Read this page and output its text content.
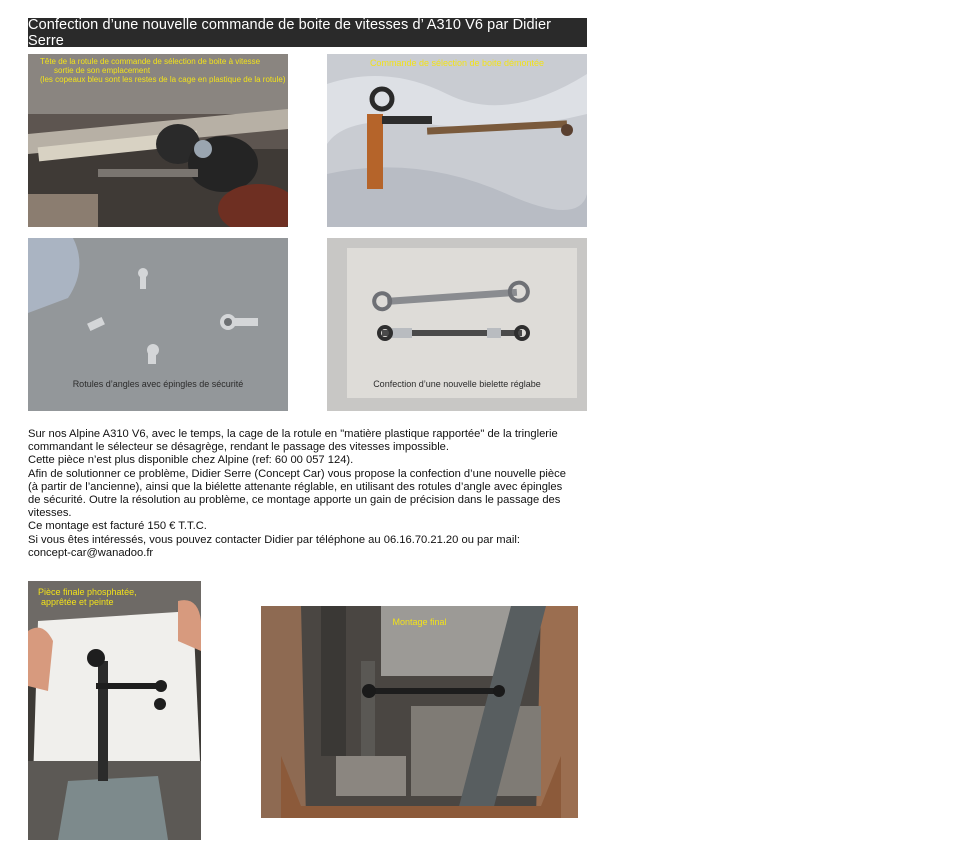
Confection d’une nouvelle commande de boite de vitesses d’ A310 V6 par Didier Serre
Tête de la rotule de commande de sélection de boite à vitesse
sortie de son emplacement
(les copeaux bleu sont les restes de la cage en plastique de la rotule)
Commande de sélection de boite démontée
Rotules d’angles avec épingles de sécurité	Confection d’une nouvelle bielette réglabe

Sur nos Alpine A310 V6, avec le temps, la cage de la rotule en "matière plastique rapportée" de la tringlerie

commandant le sélecteur se désagrège, rendant le passage des vitesses impossible.

Cette pièce n’est plus disponible chez Alpine (ref: 60 00 057 124).

Afin de solutionner ce problème, Didier Serre (Concept Car) vous propose la confection d’une nouvelle pièce

(à partir de l’ancienne), ainsi que la biélette attenante réglable, en utilisant des rotules d’angle avec épingles

de sécurité. Outre la résolution au problème, ce montage apporte un gain de précision dans le passage des

vitesses.

Ce montage est facturé 150 € T.T.C.

Si vous êtes intéressés, vous pouvez contacter Didier par téléphone au 06.16.70.21.20 ou par mail:

concept-car@wanadoo.fr

Pièce finale phosphatée,
apprêtée et peinte
Montage final
